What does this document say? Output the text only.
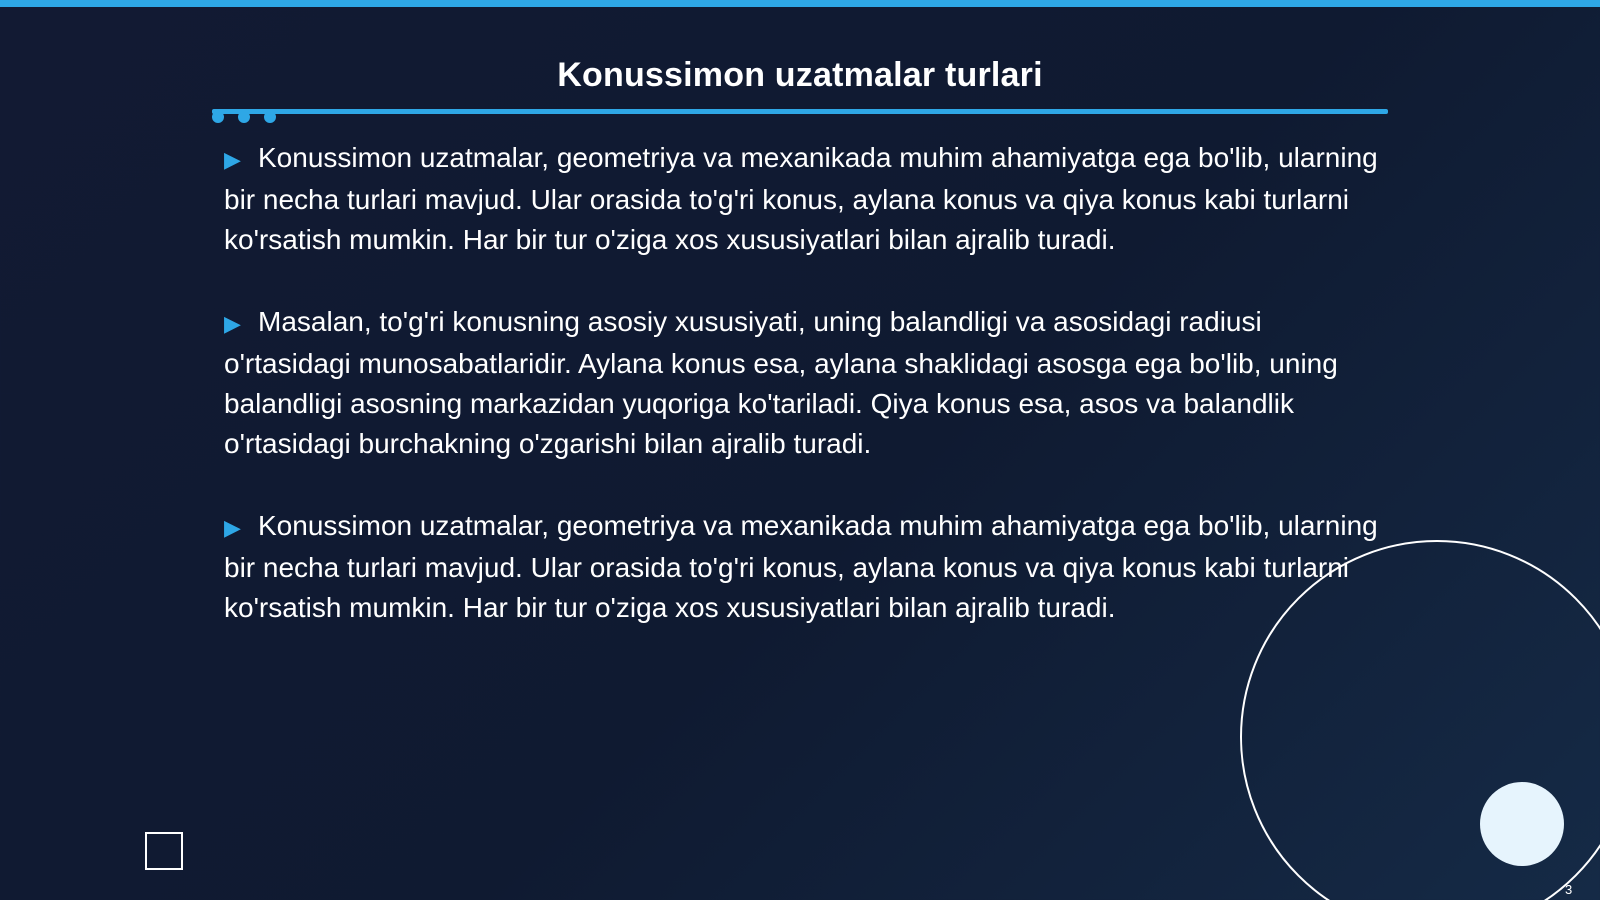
Konussimon uzatmalar turlari

▶ Konussimon uzatmalar, geometriya va mexanikada muhim ahamiyatga ega bo'lib, ularning bir necha turlari mavjud. Ular orasida to'g'ri konus, aylana konus va qiya konus kabi turlarni ko'rsatish mumkin. Har bir tur o'ziga xos xususiyatlari bilan ajralib turadi.

▶ Masalan, to'g'ri konusning asosiy xususiyati, uning balandligi va asosidagi radiusi o'rtasidagi munosabatlaridir. Aylana konus esa, aylana shaklidagi asosga ega bo'lib, uning balandligi asosning markazidan yuqoriga ko'tariladi. Qiya konus esa, asos va balandlik o'rtasidagi burchakning o'zgarishi bilan ajralib turadi.

▶ Konussimon uzatmalar, geometriya va mexanikada muhim ahamiyatga ega bo'lib, ularning bir necha turlari mavjud. Ular orasida to'g'ri konus, aylana konus va qiya konus kabi turlarni ko'rsatish mumkin. Har bir tur o'ziga xos xususiyatlari bilan ajralib turadi.

3
